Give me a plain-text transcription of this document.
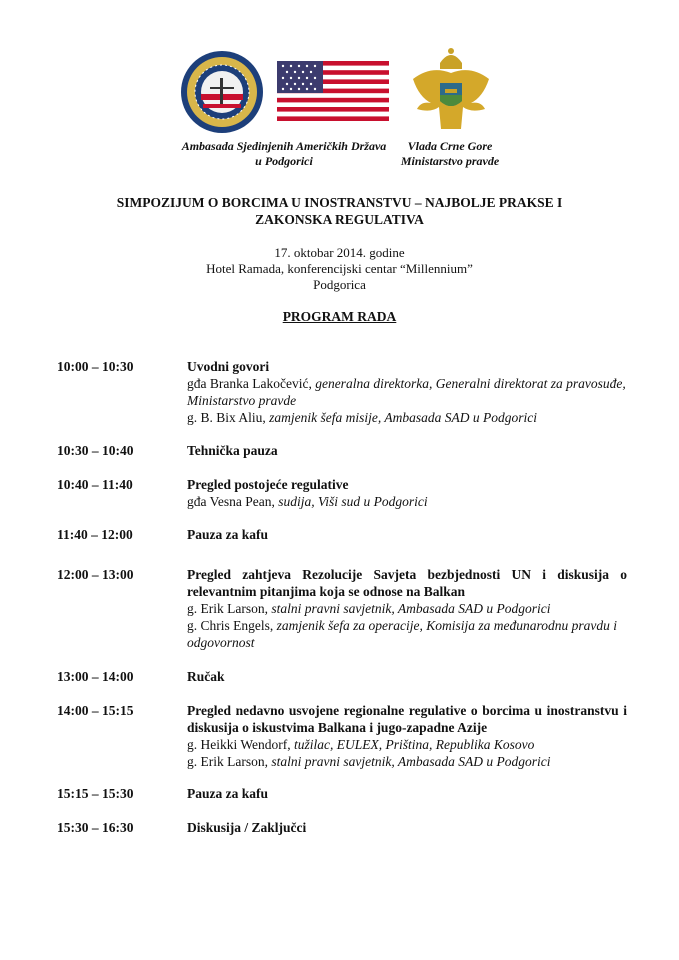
Ambasada Sjedinjenih Američkih Država
u Podgorici
Vlada Crne Gore
Ministarstvo pravde
SIMPOZIJUM O BORCIMA U INOSTRANSTVU – NAJBOLJE PRAKSE I
ZAKONSKA REGULATIVA
17. oktobar 2014. godine
Hotel Ramada, konferencijski centar “Millennium”
Podgorica
PROGRAM RADA
10:00 – 10:30	Uvodni govori
gđa Branka Lakočević, generalna direktorka, Generalni direktorat za pravosuđe, Ministarstvo pravde
g. B. Bix Aliu, zamjenik šefa misije, Ambasada SAD u Podgorici
10:30 – 10:40	Tehnička pauza
10:40 – 11:40	Pregled postojeće regulative
gđa Vesna Pean, sudija, Viši sud u Podgorici
11:40 – 12:00	Pauza za kafu
12:00 – 13:00	Pregled zahtjeva Rezolucije Savjeta bezbjednosti UN i diskusija o relevantnim pitanjima koja se odnose na Balkan
g. Erik Larson, stalni pravni savjetnik, Ambasada SAD u Podgorici
g. Chris Engels, zamjenik šefa za operacije, Komisija za međunarodnu pravdu i odgovornost
13:00 – 14:00	Ručak
14:00 – 15:15	Pregled nedavno usvojene regionalne regulative o borcima u inostranstvu i diskusija o iskustvima Balkana i jugo-zapadne Azije
g. Heikki Wendorf, tužilac, EULEX, Priština, Republika Kosovo
g. Erik Larson, stalni pravni savjetnik, Ambasada SAD u Podgorici
15:15 – 15:30	Pauza za kafu
15:30 – 16:30	Diskusija / Zaključci
